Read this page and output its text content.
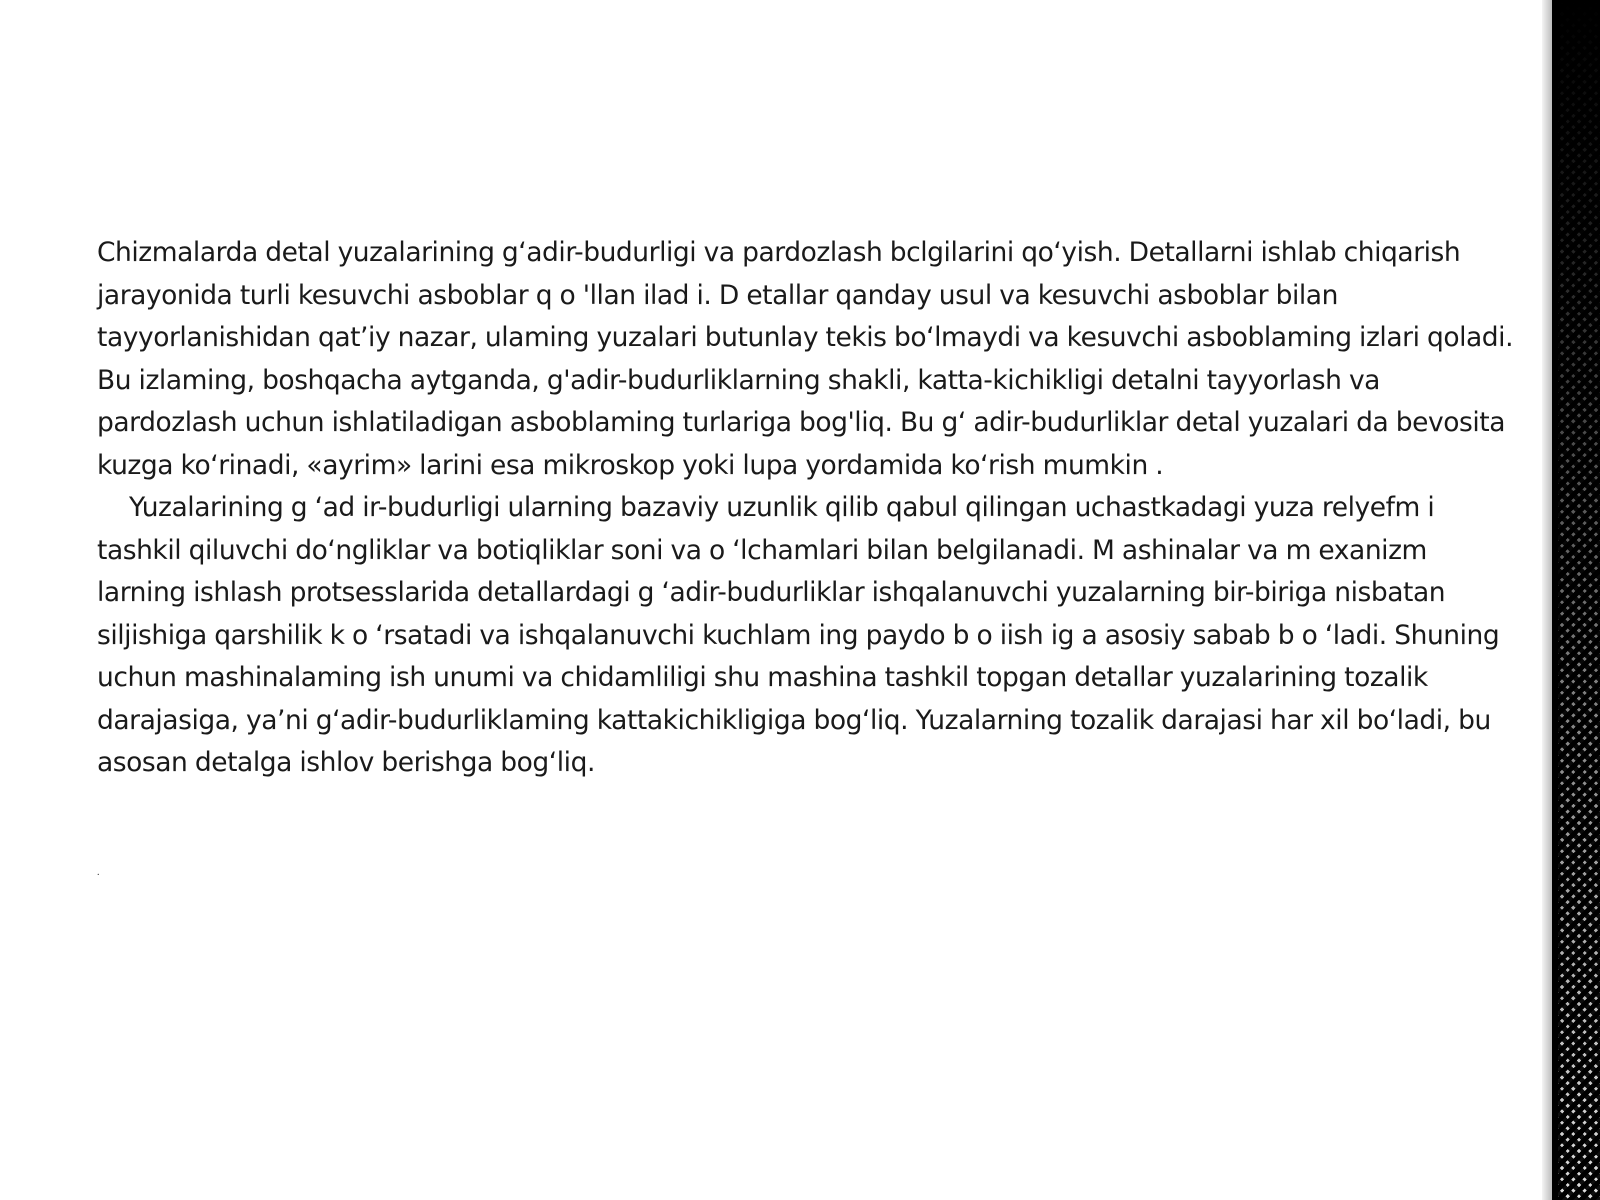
Chizmalarda detal yuzalarining g‘adir-budurligi va pardozlash bclgilarini qo‘yish. Detallarni ishlab chiqarish jarayonida turli kesuvchi asboblar q o 'llan ilad i. D etallar qanday usul va kesuvchi asboblar bilan tayyorlanishidan qat’iy nazar, ulaming yuzalari butunlay tekis bo‘lmaydi va kesuvchi asboblaming izlari qoladi. Bu izlaming, boshqacha aytganda, g'adir-budurliklarning shakli, katta-kichikligi detalni tayyorlash va pardozlash uchun ishlatiladigan asboblaming turlariga bog'liq. Bu g‘ adir-budurliklar detal yuzalari da bevosita kuzga ko‘rinadi, «ayrim» larini esa mikroskop yoki lupa yordamida ko‘rish mumkin .

Yuzalarining g ‘ad ir-budurligi ularning bazaviy uzunlik qilib qabul qilingan uchastkadagi yuza relyefm i tashkil qiluvchi do‘ngliklar va botiqliklar soni va o ‘lchamlari bilan belgilanadi. M ashinalar va m exanizm larning ishlash protsesslarida detallardagi g ‘adir-budurliklar ishqalanuvchi yuzalarning bir-biriga nisbatan siljishiga qarshilik k o ‘rsatadi va ishqalanuvchi kuchlam ing paydo b o iish ig a asosiy sabab b o ‘ladi. Shuning uchun mashinalaming ish unumi va chidamliligi shu mashina tashkil topgan detallar yuzalarining tozalik darajasiga, ya’ni g‘adir-budurliklaming kattakichikligiga bog‘liq. Yuzalarning tozalik darajasi har xil bo‘ladi, bu asosan detalga ishlov berishga bog‘liq.

.
